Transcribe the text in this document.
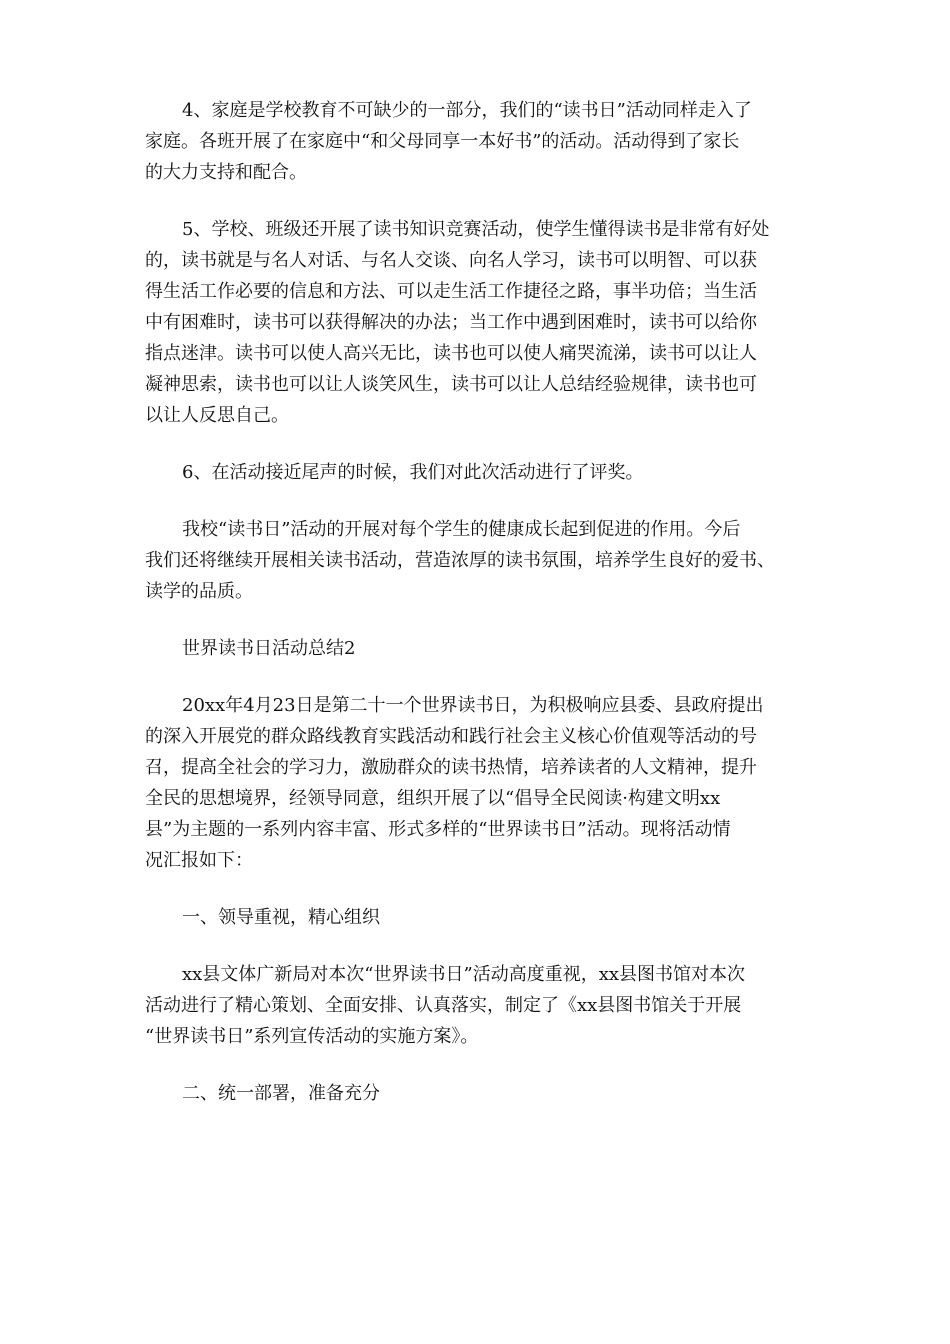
4、家庭是学校教育不可缺少的一部分，我们的“读书日”活动同样走入了
家庭。各班开展了在家庭中“和父母同享一本好书”的活动。活动得到了家长
的大力支持和配合。

5、学校、班级还开展了读书知识竞赛活动，使学生懂得读书是非常有好处
的，读书就是与名人对话、与名人交谈、向名人学习，读书可以明智、可以获
得生活工作必要的信息和方法、可以走生活工作捷径之路，事半功倍；当生活
中有困难时，读书可以获得解决的办法；当工作中遇到困难时，读书可以给你
指点迷津。读书可以使人高兴无比，读书也可以使人痛哭流涕，读书可以让人
凝神思索，读书也可以让人谈笑风生，读书可以让人总结经验规律，读书也可
以让人反思自己。

6、在活动接近尾声的时候，我们对此次活动进行了评奖。

我校“读书日”活动的开展对每个学生的健康成长起到促进的作用。今后
我们还将继续开展相关读书活动，营造浓厚的读书氛围，培养学生良好的爱书、
读学的品质。

世界读书日活动总结2

20xx年4月23日是第二十一个世界读书日，为积极响应县委、县政府提出
的深入开展党的群众路线教育实践活动和践行社会主义核心价值观等活动的号
召，提高全社会的学习力，激励群众的读书热情，培养读者的人文精神，提升
全民的思想境界，经领导同意，组织开展了以“倡导全民阅读·构建文明xx
县”为主题的一系列内容丰富、形式多样的“世界读书日”活动。现将活动情
况汇报如下：

一、领导重视，精心组织

xx县文体广新局对本次“世界读书日”活动高度重视，xx县图书馆对本次
活动进行了精心策划、全面安排、认真落实，制定了《xx县图书馆关于开展
“世界读书日”系列宣传活动的实施方案》。

二、统一部署，准备充分
